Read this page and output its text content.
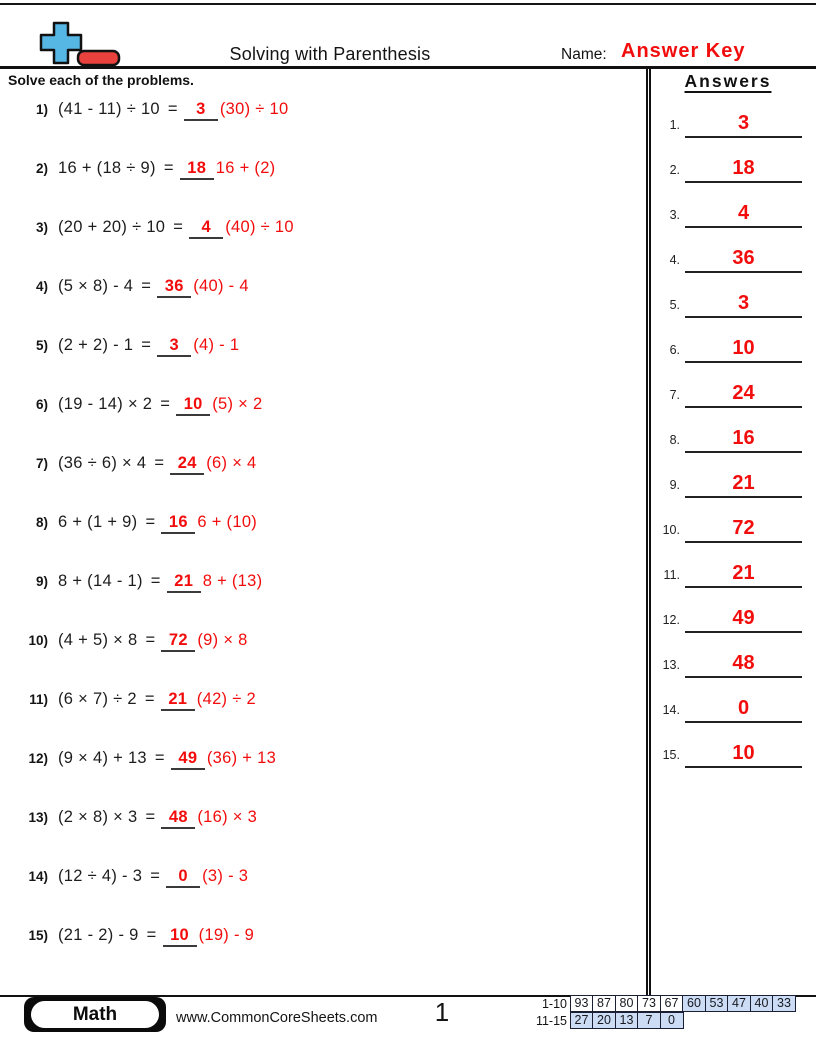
Solving with Parenthesis	Name: Answer Key
Solve each of the problems.
1) (41 - 11) ÷ 10 =	3 (30) ÷ 10
2) 16 + (18 ÷ 9) = 18 16 + (2)
3) (20 + 20) ÷ 10 =	4 (40) ÷ 10
4) (5 × 8) - 4 = 36 (40) - 4
5) (2 + 2) - 1 =	3 (4) - 1
6) (19 - 14) × 2 = 10 (5) × 2
7) (36 ÷ 6) × 4 = 24 (6) × 4
8) 6 + (1 + 9) = 16 6 + (10)
9) 8 + (14 - 1) = 21 8 + (13)
10) (4 + 5) × 8 = 72 (9) × 8
11) (6 × 7) ÷ 2 = 21 (42) ÷ 2
12) (9 × 4) + 13 = 49 (36) + 13
13) (2 × 8) × 3 = 48 (16) × 3
14) (12 ÷ 4) - 3 =	0 (3) - 3
15) (21 - 2) - 9 = 10 (19) - 9
Answers
1.	3
2.	18
3.	4
4.	36
5.	3
6.	10
7.	24
8.	16
9.	21
10.	72
11.	21
12.	49
13.	48
14.	0
15.	10
Math	www.CommonCoreSheets.com	1	1-10 93 87 80 73 67 60 53 47 40 33
11-15 27 20 13 7	0
